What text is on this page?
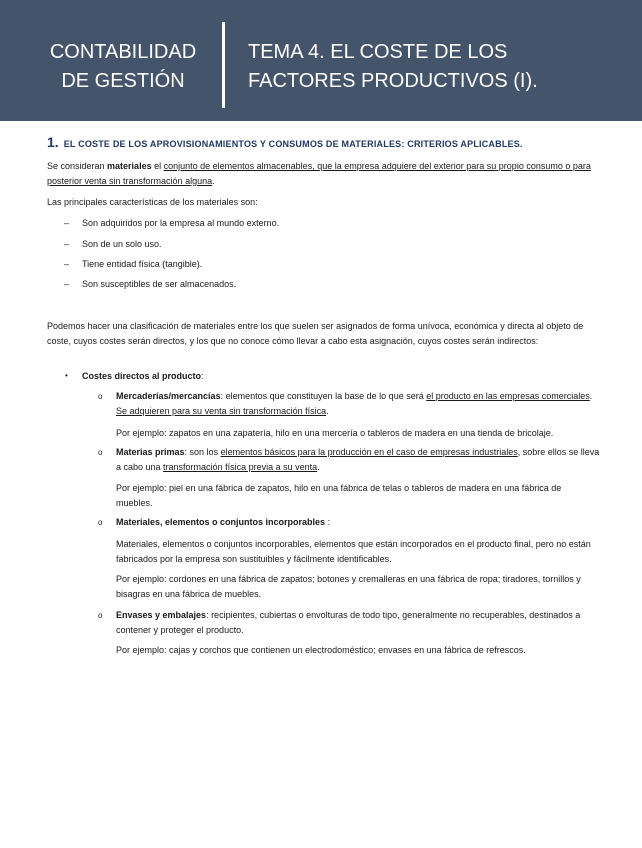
CONTABILIDAD
DE GESTIÓN
TEMA 4. EL COSTE DE LOS
FACTORES PRODUCTIVOS (I).
1. EL COSTE DE LOS APROVISIONAMIENTOS Y CONSUMOS DE MATERIALES: CRITERIOS APLICABLES.

Se consideran materiales el conjunto de elementos almacenables, que la empresa adquiere del exterior para su propio consumo o para posterior venta sin transformación alguna.

Las principales características de los materiales son:

– Son adquiridos por la empresa al mundo externo.
– Son de un solo uso.
– Tiene entidad física (tangible).
– Son susceptibles de ser almacenados.

Podemos hacer una clasificación de materiales entre los que suelen ser asignados de forma unívoca, económica y directa al objeto de coste, cuyos costes serán directos, y los que no conoce cómo llevar a cabo esta asignación, cuyos costes serán indirectos:

• Costes directos al producto:
o Mercaderías/mercancías: elementos que constituyen la base de lo que será el producto en las empresas comerciales. Se adquieren para su venta sin transformación física.

Por ejemplo: zapatos en una zapatería, hilo en una mercería o tableros de madera en una tienda de bricolaje.

o Materias primas: son los elementos básicos para la producción en el caso de empresas industriales, sobre ellos se lleva a cabo una transformación física previa a su venta.

Por ejemplo: piel en una fábrica de zapatos, hilo en una fábrica de telas o tableros de madera en una fábrica de muebles.

o Materiales, elementos o conjuntos incorporables :

Materiales, elementos o conjuntos incorporables, elementos que están incorporados en el producto final, pero no están fabricados por la empresa son sustituibles y fácilmente identificables.

Por ejemplo: cordones en una fábrica de zapatos; botones y cremalleras en una fábrica de ropa; tiradores, tornillos y bisagras en una fábrica de muebles.

o Envases y embalajes: recipientes, cubiertas o envolturas de todo tipo, generalmente no recuperables, destinados a contener y proteger el producto.

Por ejemplo: cajas y corchos que contienen un electrodoméstico; envases en una fábrica de refrescos.
